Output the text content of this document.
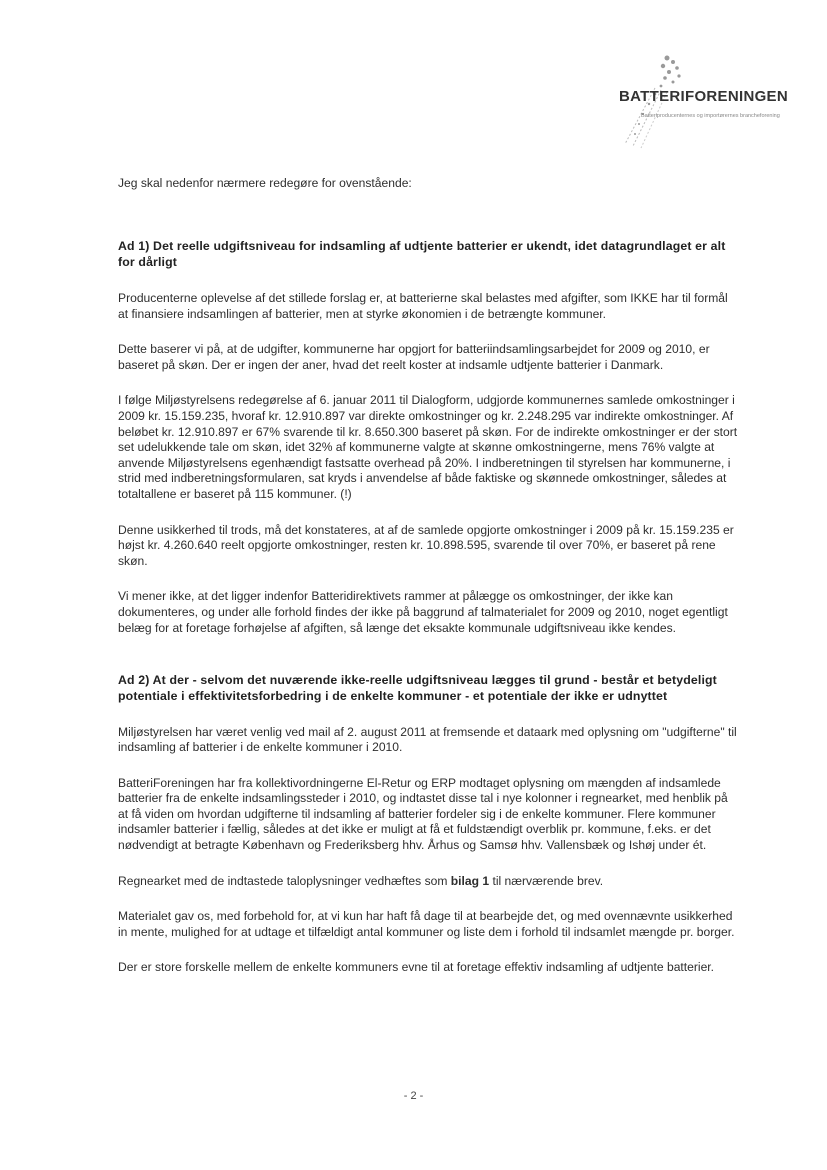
BATTERIFORENINGEN
Batteriproducenternes og importørernes brancheforening

Jeg skal nedenfor nærmere redegøre for ovenstående:

Ad 1) Det reelle udgiftsniveau for indsamling af udtjente batterier er ukendt, idet datagrundlaget er alt for dårligt

Producenterne oplevelse af det stillede forslag er, at batterierne skal belastes med afgifter, som IKKE har til formål at finansiere indsamlingen af batterier, men at styrke økonomien i de betrængte kommuner.

Dette baserer vi på, at de udgifter, kommunerne har opgjort for batteriindsamlingsarbejdet for 2009 og 2010, er baseret på skøn. Der er ingen der aner, hvad det reelt koster at indsamle udtjente batterier i Danmark.

I følge Miljøstyrelsens redegørelse af 6. januar 2011 til Dialogform, udgjorde kommunernes samlede omkostninger i 2009 kr. 15.159.235, hvoraf kr. 12.910.897 var direkte omkostninger og kr. 2.248.295 var indirekte omkostninger. Af beløbet kr. 12.910.897 er 67% svarende til kr. 8.650.300 baseret på skøn. For de indirekte omkostninger er der stort set udelukkende tale om skøn, idet 32% af kommunerne valgte at skønne omkostningerne, mens 76% valgte at anvende Miljøstyrelsens egenhændigt fastsatte overhead på 20%. I indberetningen til styrelsen har kommunerne, i strid med indberetningsformularen, sat kryds i anvendelse af både faktiske og skønnede omkostninger, således at totaltallene er baseret på 115 kommuner. (!)

Denne usikkerhed til trods, må det konstateres, at af de samlede opgjorte omkostninger i 2009 på kr. 15.159.235 er højst kr. 4.260.640 reelt opgjorte omkostninger, resten kr. 10.898.595, svarende til over 70%, er baseret på rene skøn.

Vi mener ikke, at det ligger indenfor Batteridirektivets rammer at pålægge os omkostninger, der ikke kan dokumenteres, og under alle forhold findes der ikke på baggrund af talmaterialet for 2009 og 2010, noget egentligt belæg for at foretage forhøjelse af afgiften, så længe det eksakte kommunale udgiftsniveau ikke kendes.

Ad 2) At der - selvom det nuværende ikke-reelle udgiftsniveau lægges til grund - består et betydeligt potentiale i effektivitetsforbedring i de enkelte kommuner - et potentiale der ikke er udnyttet

Miljøstyrelsen har været venlig ved mail af 2. august 2011 at fremsende et dataark med oplysning om "udgifterne" til indsamling af batterier i de enkelte kommuner i 2010.

BatteriForeningen har fra kollektivordningerne El-Retur og ERP modtaget oplysning om mængden af indsamlede batterier fra de enkelte indsamlingssteder i 2010, og indtastet disse tal i nye kolonner i regnearket, med henblik på at få viden om hvordan udgifterne til indsamling af batterier fordeler sig i de enkelte kommuner. Flere kommuner indsamler batterier i fællig, således at det ikke er muligt at få et fuldstændigt overblik pr. kommune, f.eks. er det nødvendigt at betragte København og Frederiksberg hhv. Århus og Samsø hhv. Vallensbæk og Ishøj under ét.

Regnearket med de indtastede taloplysninger vedhæftes som bilag 1 til nærværende brev.

Materialet gav os, med forbehold for, at vi kun har haft få dage til at bearbejde det, og med ovennævnte usikkerhed in mente, mulighed for at udtage et tilfældigt antal kommuner og liste dem i forhold til indsamlet mængde pr. borger.

Der er store forskelle mellem de enkelte kommuners evne til at foretage effektiv indsamling af udtjente batterier.

- 2 -
